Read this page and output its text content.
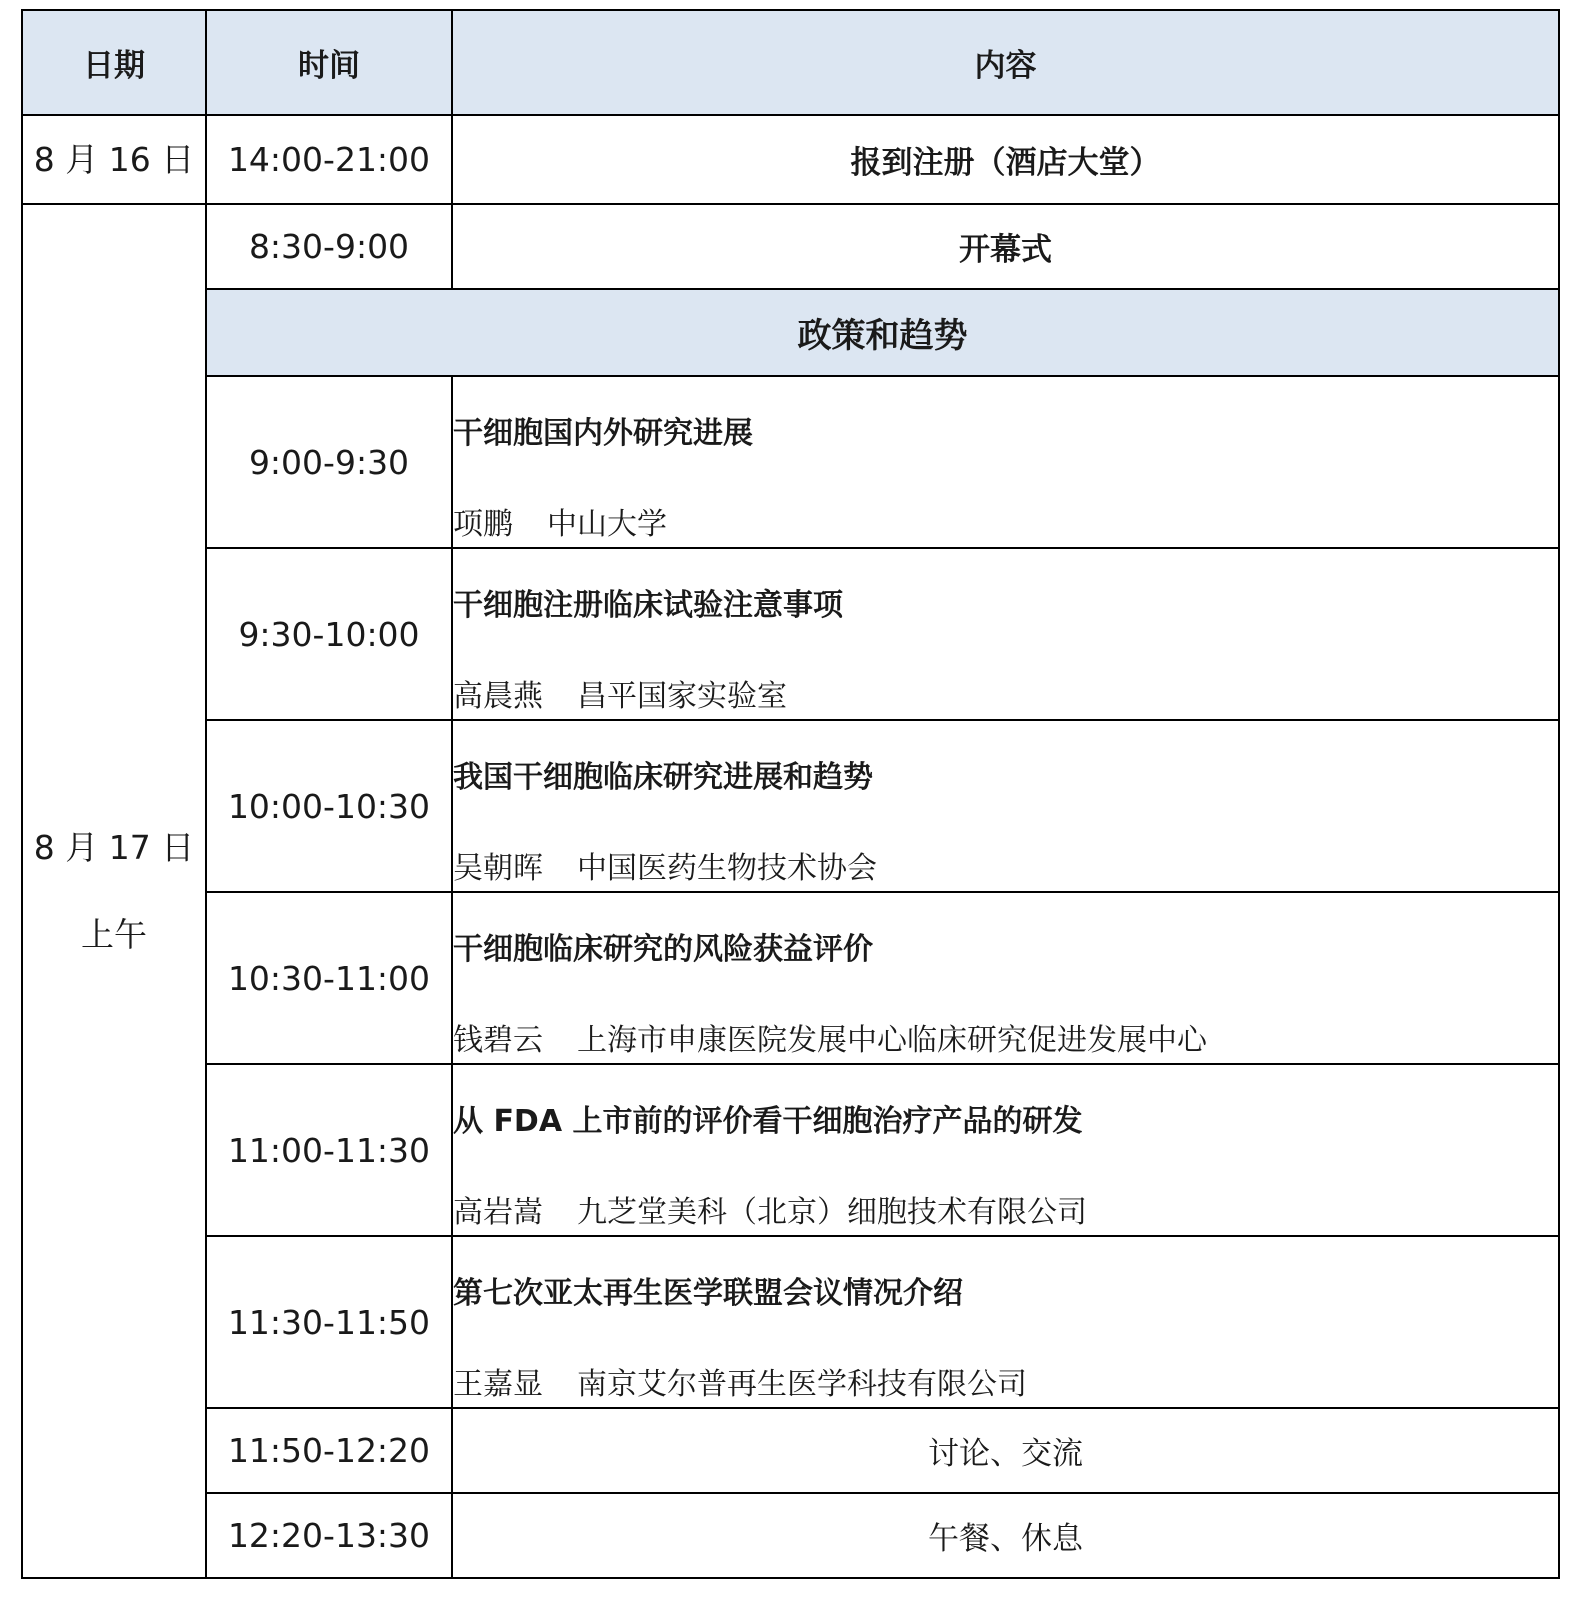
日期	时间	内容
8 月 16 日	14:00-21:00	报到注册（酒店大堂）

8 月 17 日
上午	8:30-9:00	开幕式
	政策和趋势	
	9:00-9:30	干细胞国内外研究进展
项鹏 中山大学

	9:30-10:00	干细胞注册临床试验注意事项
高晨燕 昌平国家实验室

	10:00-10:30	我国干细胞临床研究进展和趋势
吴朝晖 中国医药生物技术协会

	10:30-11:00	干细胞临床研究的风险获益评价
钱碧云 上海市申康医院发展中心临床研究促进发展中心

	11:00-11:30	从 FDA 上市前的评价看干细胞治疗产品的研发
高岩嵩 九芝堂美科（北京）细胞技术有限公司

	11:30-11:50	第七次亚太再生医学联盟会议情况介绍
王嘉显 南京艾尔普再生医学科技有限公司

	11:50-12:20	讨论、交流
	12:20-13:30	午餐、休息
